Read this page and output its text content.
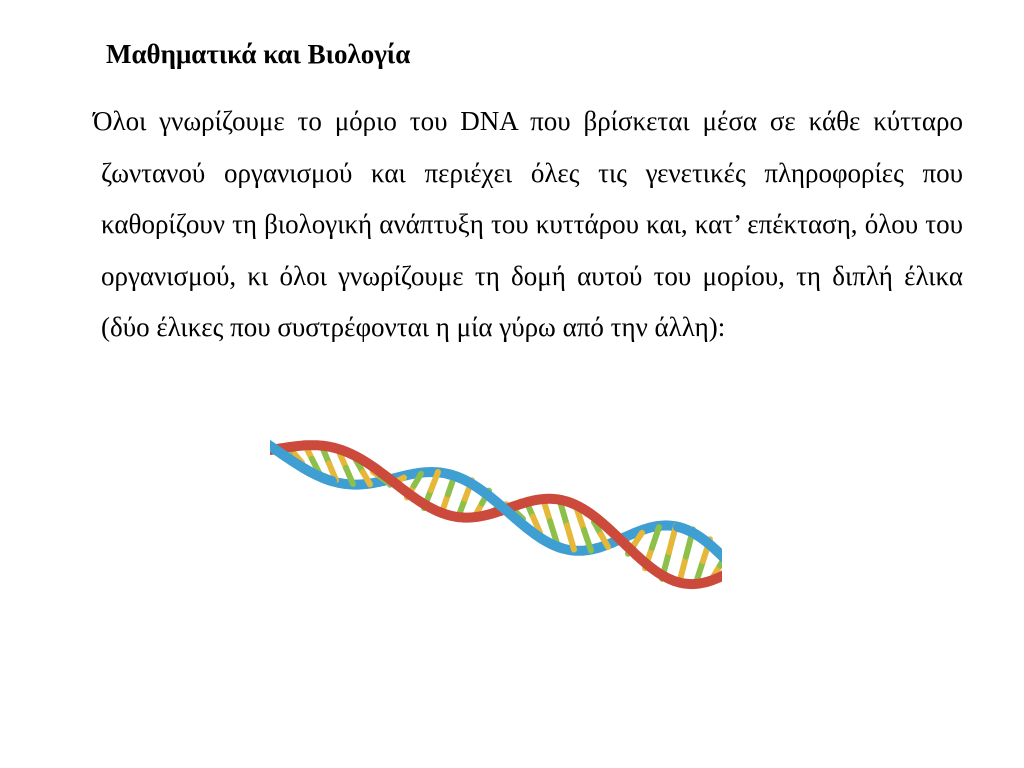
Μαθηματικά και Βιολογία

Όλοι γνωρίζουμε το μόριο του DNA που βρίσκεται μέσα σε κάθε κύτταρο ζωντανού οργανισμού και περιέχει όλες τις γενετικές πληροφορίες που καθορίζουν τη βιολογική ανάπτυξη του κυττάρου και, κατ’ επέκταση, όλου του οργανισμού, κι όλοι γνωρίζουμε τη δομή αυτού του μορίου, τη διπλή έλικα (δύο έλικες που συστρέφονται η μία γύρω από την άλλη):
